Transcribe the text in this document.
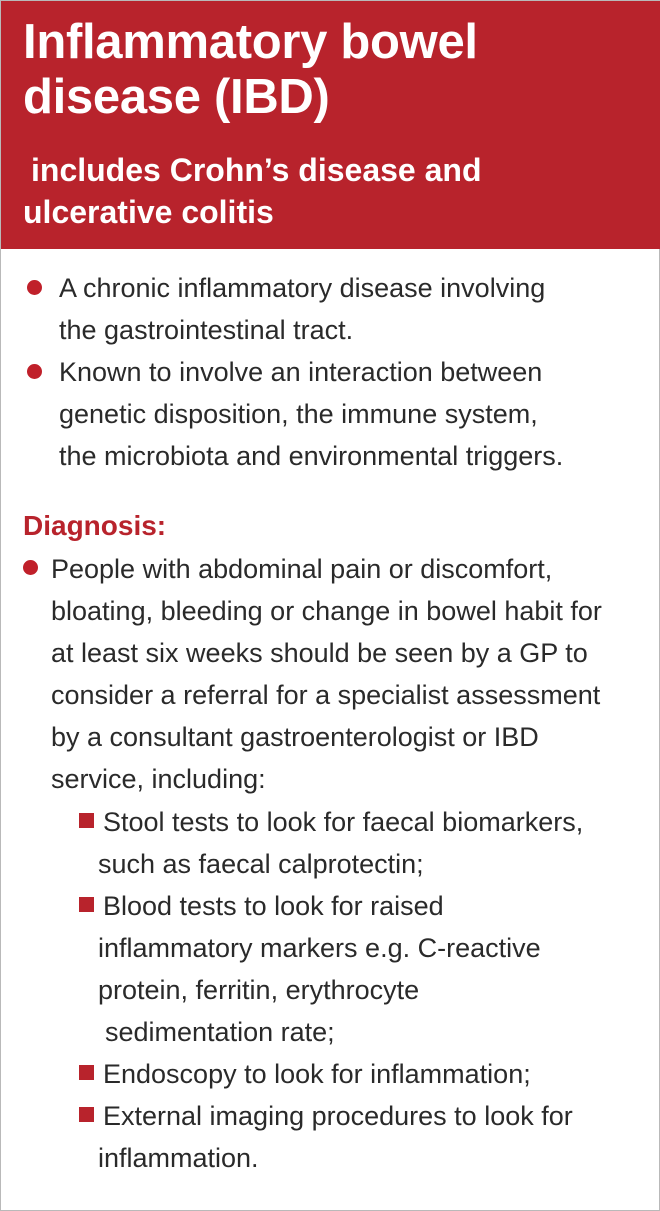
Inflammatory bowel
disease (IBD)

includes Crohn’s disease and
ulcerative colitis

A chronic inflammatory disease involving

the gastrointestinal tract.

Known to involve an interaction between

genetic disposition, the immune system,

the microbiota and environmental triggers.

Diagnosis:

People with abdominal pain or discomfort,

bloating, bleeding or change in bowel habit for

at least six weeks should be seen by a GP to

consider a referral for a specialist assessment

by a consultant gastroenterologist or IBD

service, including:

Stool tests to look for faecal biomarkers,

such as faecal calprotectin;

Blood tests to look for raised

inflammatory markers e.g. C-reactive

protein, ferritin, erythrocyte

sedimentation rate;

Endoscopy to look for inflammation;

External imaging procedures to look for

inflammation.
